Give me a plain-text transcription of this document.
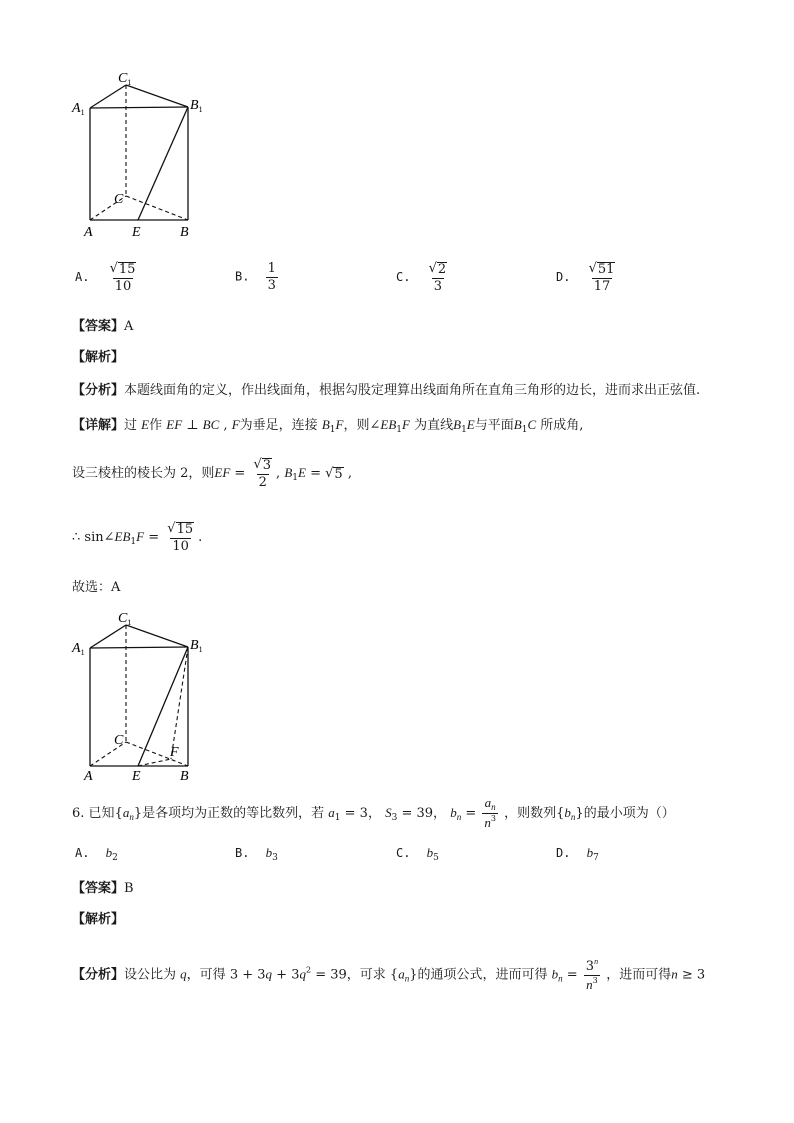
$C_1$
$A_1$	$B_1$
C
A	E	B
A. $\frac{√ 15}{10}$	B. $\frac{1}{3}$	C. $\frac{√ 2}{3}$	D. $\frac{√ 51}{17}$
【答案】A
【解析】
【分析】本题线面角的定义，作出线面角，根据勾股定理算出线面角所在直角三角形的边长，进而求出正弦值.
【详解】过 E作 EF ⊥ BC , F为垂足，连接 $B_1F$，则$\angle EB_1F$ 为直线$B_1E$与平面$B_1C$ 所成角,
设三棱柱的棱长为 2，则EF = $\frac{√ 3}{2}$ , $B_1E$ = √ 5 ,
∴ $\sin\angle EB_1F = \frac{√ 15}{10}$ .
故选：A
$C_1$
$A_1$	$B_1$
C
F
A	E	B
6. 已知$\{a_n\}$是各项均为正数的等比数列，若 $a_1 = 3$， $S_3 = 39$， $b_n = \frac{a_n}{n^3}$ ，则数列$\{b_n\}$的最小项为（）
A. $b_2$	B. $b_3$	C. $b_5$	D. $b_7$
【答案】B
【解析】
【分析】设公比为 q，可得 $3 + 3q + 3q^2 = 39$，可求 $\{a_n\}$的通项公式，进而可得 $b_n = \frac{3^n}{n^3}$ ，进而可得n ≥ 3
